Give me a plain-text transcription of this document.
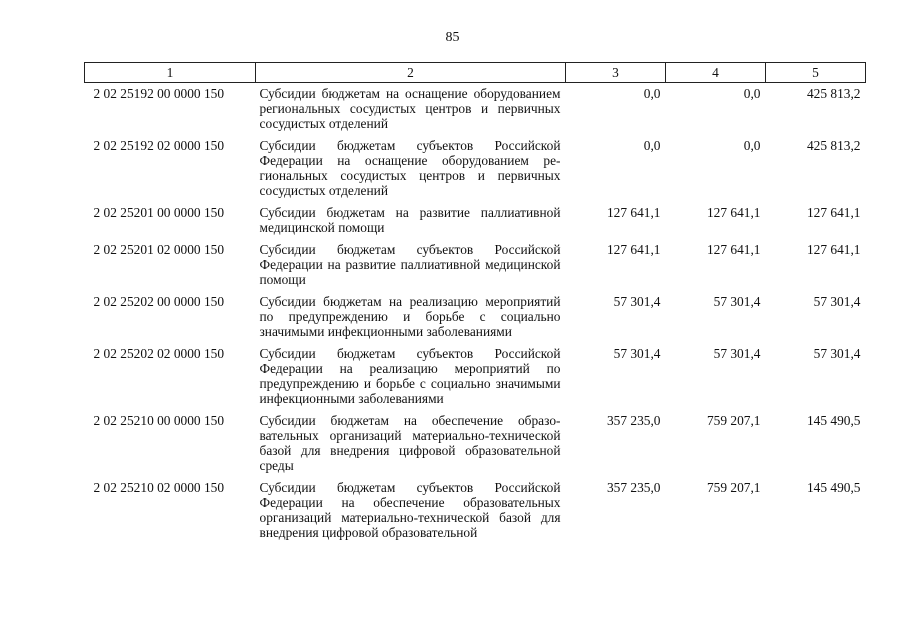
85
1	2	3	4	5
2 02 25192 00 0000 150	Субсидии бюджетам на оснащение оборудованием региональных сосудистых центров и первичных сосудистых отделений	0,0	0,0	425 813,2
2 02 25192 02 0000 150	Субсидии бюджетам субъектов Российской Федерации на оснащение оборудованием региональных сосудистых центров и первичных сосудистых отделений	0,0	0,0	425 813,2
2 02 25201 00 0000 150	Субсидии бюджетам на развитие паллиативной медицинской помощи	127 641,1	127 641,1	127 641,1
2 02 25201 02 0000 150	Субсидии бюджетам субъектов Российской Федерации на развитие паллиативной медицинской помощи	127 641,1	127 641,1	127 641,1
2 02 25202 00 0000 150	Субсидии бюджетам на реализацию мероприятий по предупреждению и борьбе с социально значимыми инфекционными заболеваниями	57 301,4	57 301,4	57 301,4
2 02 25202 02 0000 150	Субсидии бюджетам субъектов Российской Федерации на реализацию мероприятий по предупреждению и борьбе с социально значимыми инфекционными заболеваниями	57 301,4	57 301,4	57 301,4
2 02 25210 00 0000 150	Субсидии бюджетам на обеспечение образовательных организаций материально-технической базой для внедрения цифровой образовательной среды	357 235,0	759 207,1	145 490,5
2 02 25210 02 0000 150	Субсидии бюджетам субъектов Российской Федерации на обеспечение образовательных организаций материально-технической базой для внедрения цифровой образовательной	357 235,0	759 207,1	145 490,5
